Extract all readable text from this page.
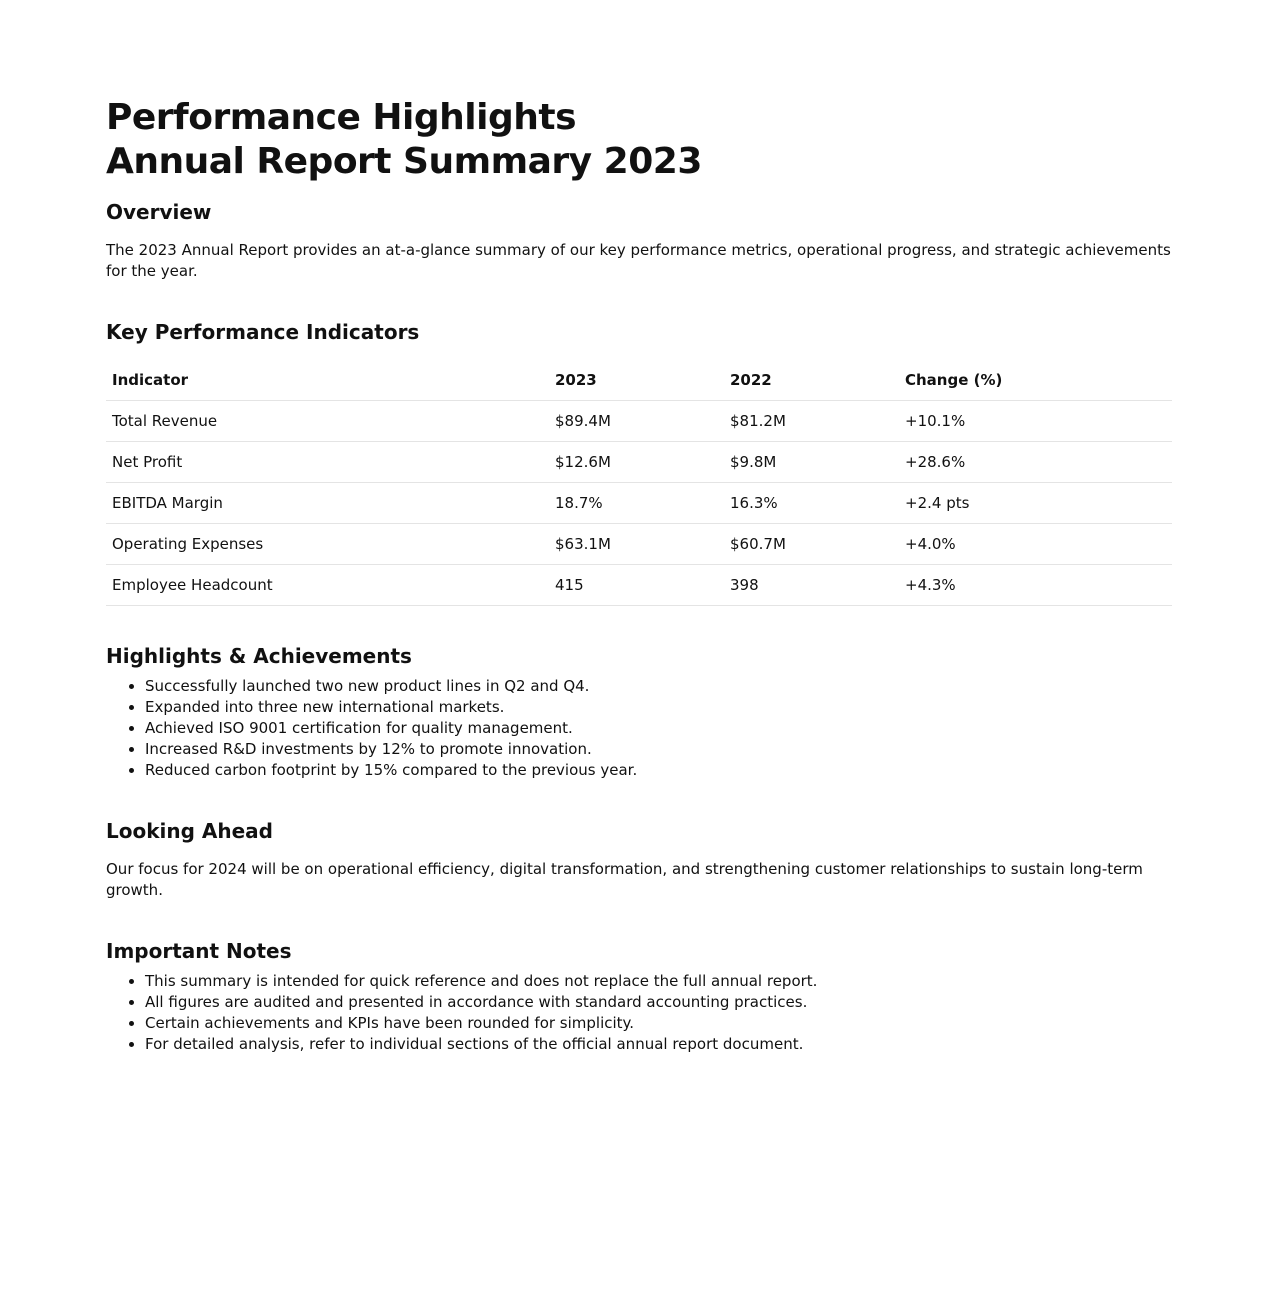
Performance Highlights
Annual Report Summary 2023
Overview

The 2023 Annual Report provides an at-a-glance summary of our key performance metrics, operational progress, and strategic achievements for the year.

Key Performance Indicators
Indicator	2023	2022	Change (%)
Total Revenue	$89.4M	$81.2M	+10.1%
Net Profit	$12.6M	$9.8M	+28.6%
EBITDA Margin	18.7%	16.3%	+2.4 pts
Operating Expenses	$63.1M	$60.7M	+4.0%
Employee Headcount	415	398	+4.3%
Highlights & Achievements
• Successfully launched two new product lines in Q2 and Q4.
• Expanded into three new international markets.
• Achieved ISO 9001 certification for quality management.
• Increased R&D investments by 12% to promote innovation.
• Reduced carbon footprint by 15% compared to the previous year.
Looking Ahead

Our focus for 2024 will be on operational efficiency, digital transformation, and strengthening customer relationships to sustain long-term growth.

Important Notes
• This summary is intended for quick reference and does not replace the full annual report.
• All figures are audited and presented in accordance with standard accounting practices.
• Certain achievements and KPIs have been rounded for simplicity.
• For detailed analysis, refer to individual sections of the official annual report document.
